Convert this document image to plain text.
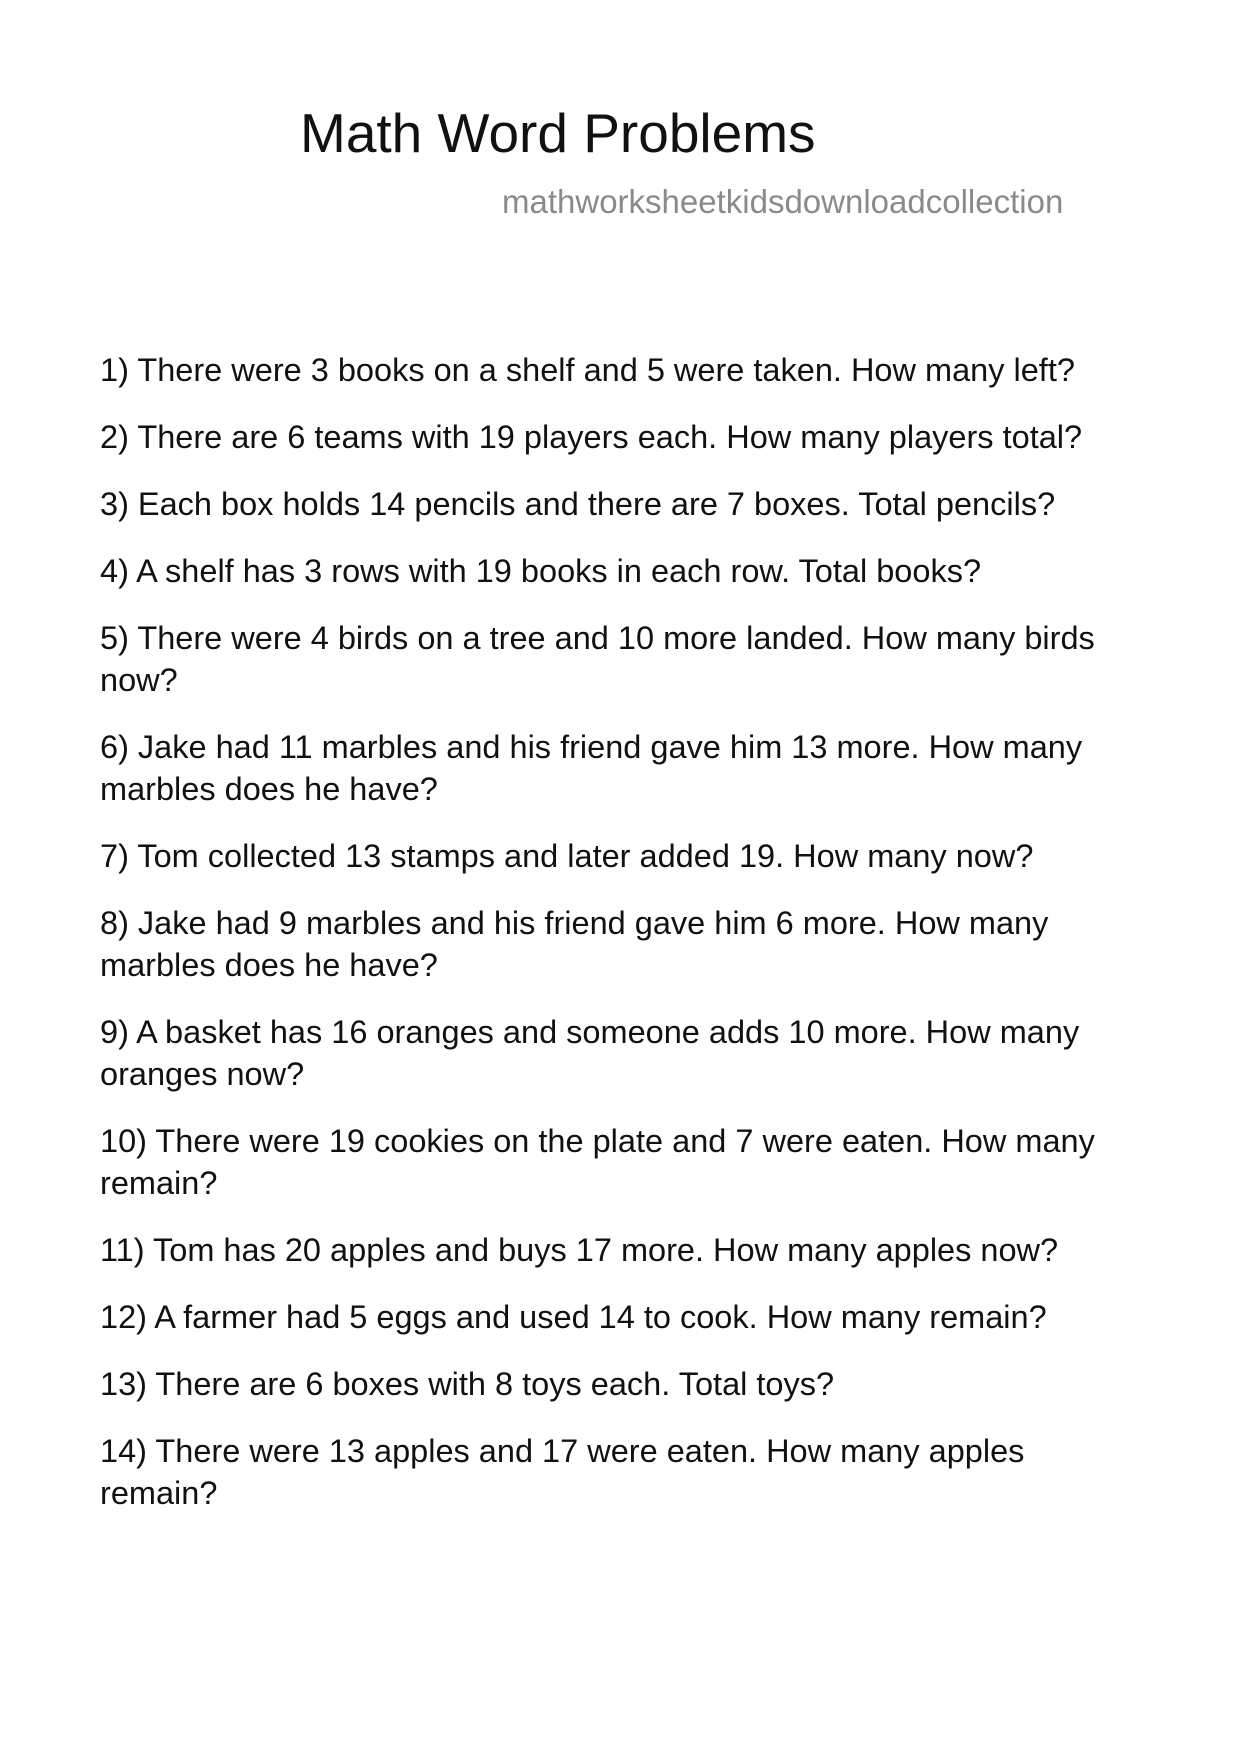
Math Word Problems
mathworksheetkidsdownloadcollection
1) There were 3 books on a shelf and 5 were taken. How many left?
2) There are 6 teams with 19 players each. How many players total?
3) Each box holds 14 pencils and there are 7 boxes. Total pencils?
4) A shelf has 3 rows with 19 books in each row. Total books?
5) There were 4 birds on a tree and 10 more landed. How many birds now?
6) Jake had 11 marbles and his friend gave him 13 more. How many marbles does he have?
7) Tom collected 13 stamps and later added 19. How many now?
8) Jake had 9 marbles and his friend gave him 6 more. How many marbles does he have?
9) A basket has 16 oranges and someone adds 10 more. How many oranges now?
10) There were 19 cookies on the plate and 7 were eaten. How many remain?
11) Tom has 20 apples and buys 17 more. How many apples now?
12) A farmer had 5 eggs and used 14 to cook. How many remain?
13) There are 6 boxes with 8 toys each. Total toys?
14) There were 13 apples and 17 were eaten. How many apples remain?
